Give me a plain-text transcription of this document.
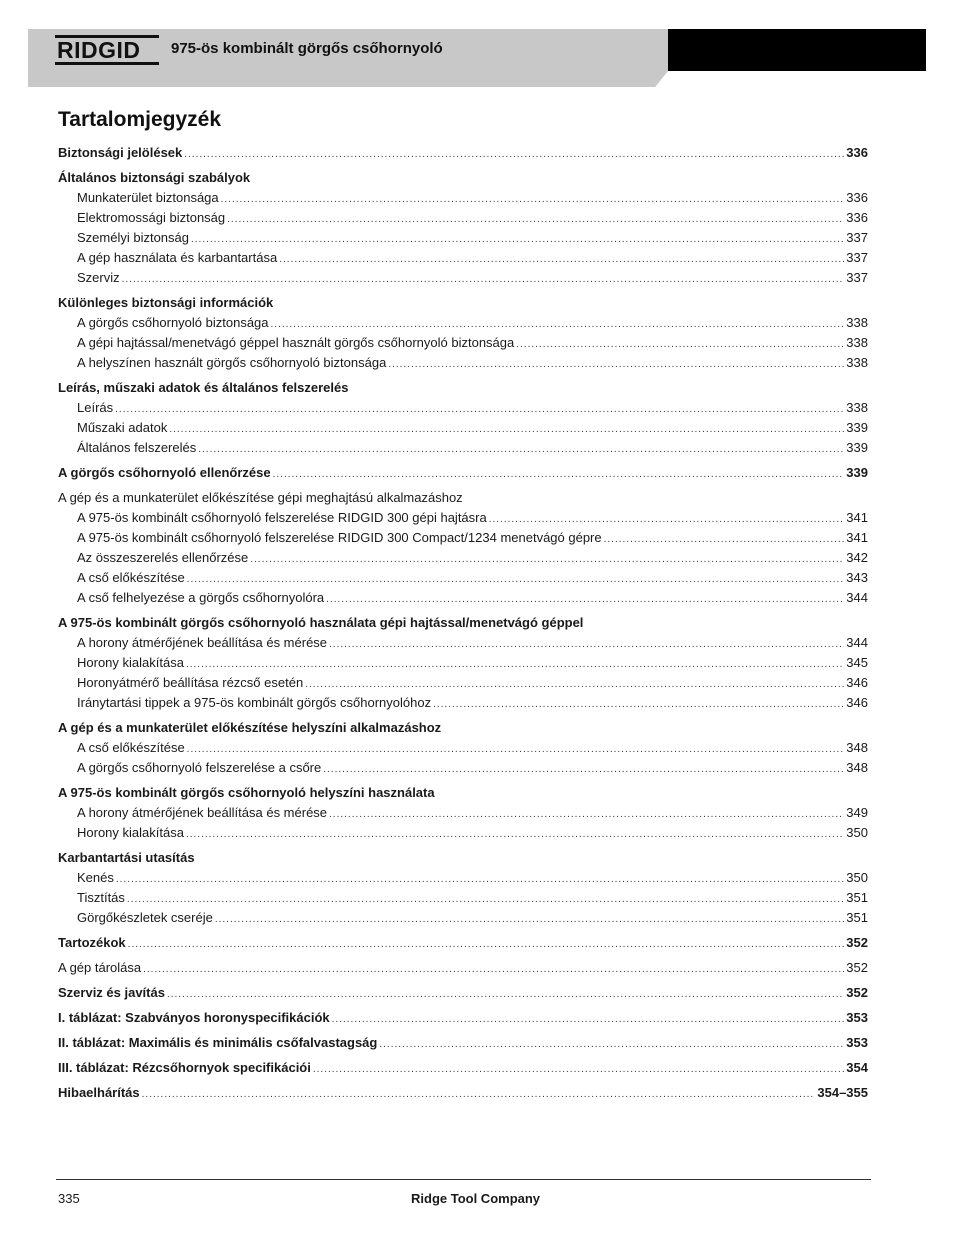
RIDGID	975-ös kombinált görgős csőhornyoló
Tartalomjegyzék
Biztonsági jelölések .....	336
Általános biztonsági szabályok
Munkaterület biztonsága .....	336
Elektromossági biztonság .....	336
Személyi biztonság .....	337
A gép használata és karbantartása .....	337
Szerviz .....	337
Különleges biztonsági információk
A görgős csőhornyoló biztonsága .....	338
A gépi hajtással/menetvágó géppel használt görgős csőhornyoló biztonsága .....	338
A helyszínen használt görgős csőhornyoló biztonsága .....	338
Leírás, műszaki adatok és általános felszerelés
Leírás .....	338
Műszaki adatok .....	339
Általános felszerelés .....	339
A görgős csőhornyoló ellenőrzése .....	339
A gép és a munkaterület előkészítése gépi meghajtású alkalmazáshoz
A 975-ös kombinált csőhornyoló felszerelése RIDGID 300 gépi hajtásra .....	341
A 975-ös kombinált csőhornyoló felszerelése RIDGID 300 Compact/1234 menetvágó gépre .....	341
Az összeszerelés ellenőrzése .....	342
A cső előkészítése .....	343
A cső felhelyezése a görgős csőhornyolóra .....	344
A 975-ös kombinált görgős csőhornyoló használata gépi hajtással/menetvágó géppel
A horony átmérőjének beállítása és mérése .....	344
Horony kialakítása .....	345
Horonyátmérő beállítása rézcső esetén .....	346
Iránytartási tippek a 975-ös kombinált görgős csőhornyolóhoz .....	346
A gép és a munkaterület előkészítése helyszíni alkalmazáshoz
A cső előkészítése .....	348
A görgős csőhornyoló felszerelése a csőre .....	348
A 975-ös kombinált görgős csőhornyoló helyszíni használata
A horony átmérőjének beállítása és mérése .....	349
Horony kialakítása .....	350
Karbantartási utasítás
Kenés .....	350
Tisztítás .....	351
Görgőkészletek cseréje .....	351
Tartozékok .....	352
A gép tárolása .....	352
Szerviz és javítás .....	352
I. táblázat: Szabványos horonyspecifikációk .....	353
II. táblázat: Maximális és minimális csőfalvastagság .....	353
III. táblázat: Rézcsőhornyok specifikációi .....	354
Hibaelhárítás .....	354–355
335	Ridge Tool Company
